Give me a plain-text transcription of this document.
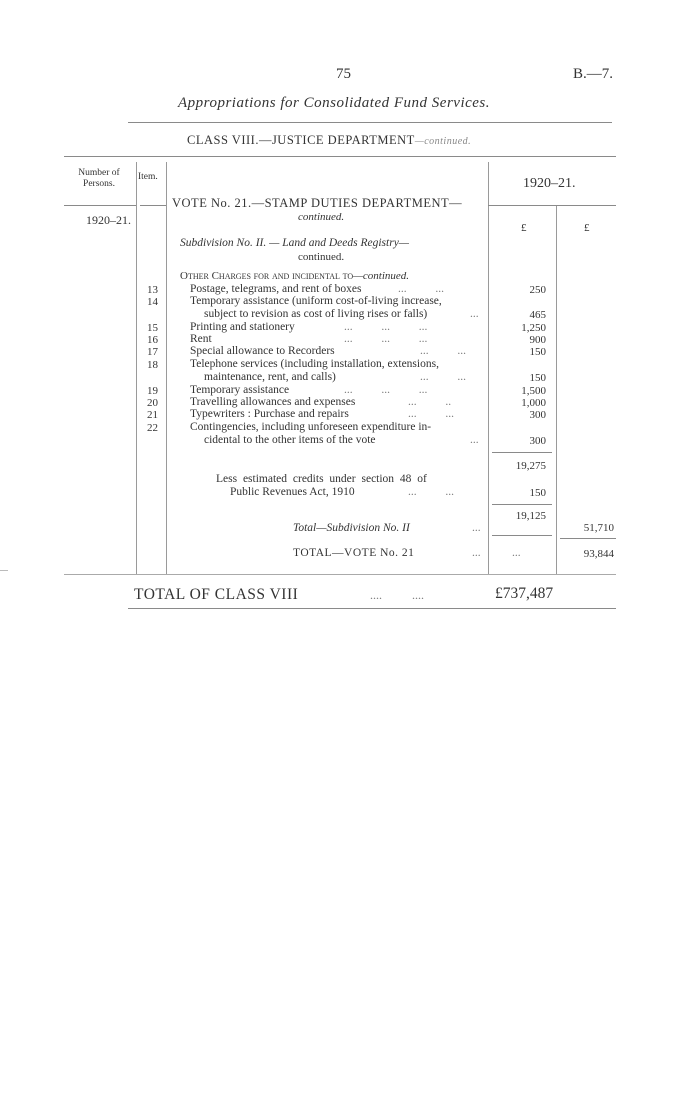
75	B.—7.
Appropriations for Consolidated Fund Services.
CLASS VIII.—JUSTICE DEPARTMENT—continued.
Number of Persons.
Item.	1920–21.
1920–21.
£	£
VOTE No. 21.—STAMP DUTIES DEPARTMENT—
continued.
Subdivision No. II. — Land and Deeds Registry—
continued.
Other Charges for and incidental to—continued.
13	Postage, telegrams, and rent of boxes	...          ...	250
14	Temporary assistance (uniform cost-of-living increase,
subject to revision as cost of living rises or falls)	...	465
15	Printing and stationery	...          ...          ...	1,250
16	Rent	...          ...          ...	900
17	Special allowance to Recorders	...          ...	150
18	Telephone services (including installation, extensions,
maintenance, rent, and calls)	...          ...	150
19	Temporary assistance	...          ...          ...	1,500
20	Travelling allowances and expenses	...          ..	1,000
21	Typewriters : Purchase and repairs	...          ...	300
22	Contingencies, including unforeseen expenditure in-
cidental to the other items of the vote	...	300
19,275
Less estimated credits under section 48 of
Public Revenues Act, 1910	...          ...	150
19,125
Total—Subdivision No. II	...	51,710
TOTAL—VOTE No. 21	...	...	93,844
TOTAL OF CLASS VIII	....          ....	£737,487
